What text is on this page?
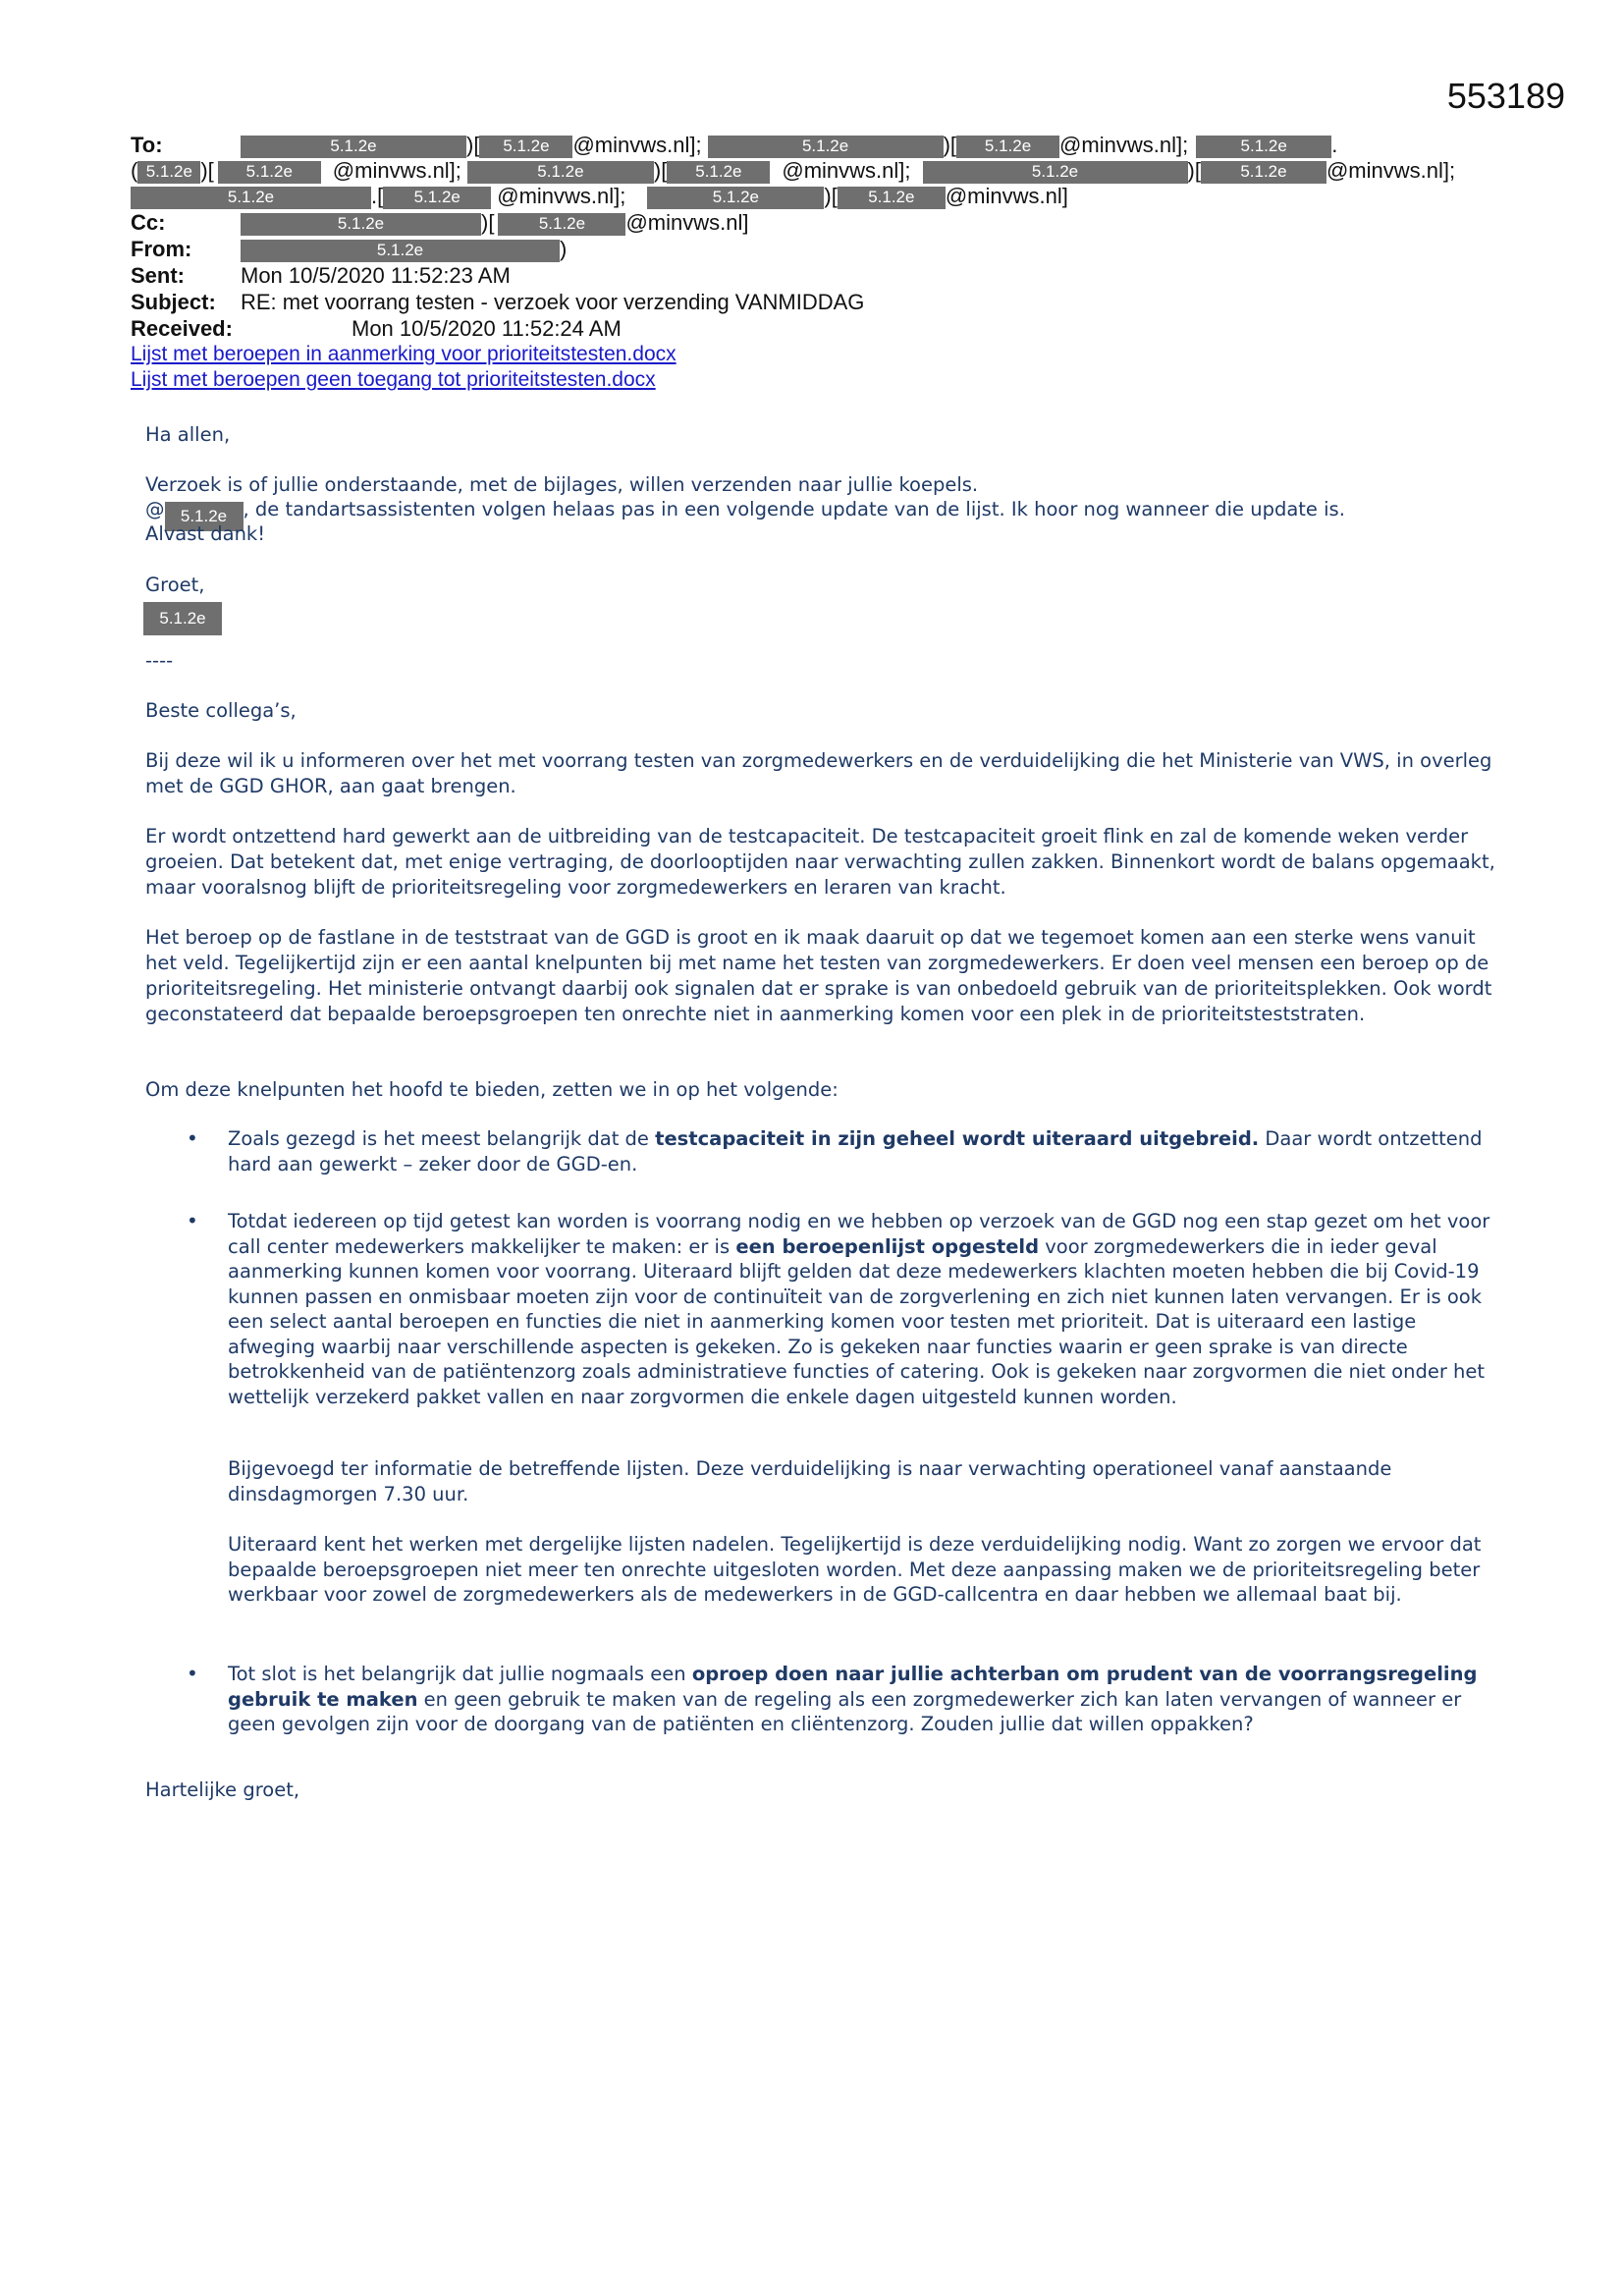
553189
To:	5.1.2e	)[ 5.1.2e @minvws.nl];	5.1.2e	)[ 5.1.2e @minvws.nl];	5.1.2e .
( 5.1.2e )[ 5.1.2e @minvws.nl];	5.1.2e	)[ 5.1.2e @minvws.nl];	5.1.2e	)[ 5.1.2e @minvws.nl];
5.1.2e	.[ 5.1.2e @minvws.nl];	5.1.2e	)[ 5.1.2e @minvws.nl]
Cc:	5.1.2e	)[	5.1.2e @minvws.nl]
From:	5.1.2e	)
Sent:	Mon 10/5/2020 11:52:23 AM
Subject: RE: met voorrang testen - verzoek voor verzending VANMIDDAG
Received:	Mon 10/5/2020 11:52:24 AM
Lijst met beroepen in aanmerking voor prioriteitstesten.docx
Lijst met beroepen geen toegang tot prioriteitstesten.docx
Ha allen,
Verzoek is of jullie onderstaande, met de bijlages, willen verzenden naar jullie koepels.
@ 5.1.2e , de tandartsassistenten volgen helaas pas in een volgende update van de lijst. Ik hoor nog wanneer die update is.
Alvast dank!
Groet,
5.1.2e
----
Beste collega’s,
Bij deze wil ik u informeren over het met voorrang testen van zorgmedewerkers en de verduidelijking die het Ministerie van VWS, in overleg met de GGD GHOR, aan gaat brengen.
Er wordt ontzettend hard gewerkt aan de uitbreiding van de testcapaciteit. De testcapaciteit groeit flink en zal de komende weken verder groeien. Dat betekent dat, met enige vertraging, de doorlooptijden naar verwachting zullen zakken. Binnenkort wordt de balans opgemaakt, maar vooralsnog blijft de prioriteitsregeling voor zorgmedewerkers en leraren van kracht.
Het beroep op de fastlane in de teststraat van de GGD is groot en ik maak daaruit op dat we tegemoet komen aan een sterke wens vanuit het veld. Tegelijkertijd zijn er een aantal knelpunten bij met name het testen van zorgmedewerkers. Er doen veel mensen een beroep op de prioriteitsregeling. Het ministerie ontvangt daarbij ook signalen dat er sprake is van onbedoeld gebruik van de prioriteitsplekken. Ook wordt geconstateerd dat bepaalde beroepsgroepen ten onrechte niet in aanmerking komen voor een plek in de prioriteitsteststraten.
Om deze knelpunten het hoofd te bieden, zetten we in op het volgende:
• Zoals gezegd is het meest belangrijk dat de testcapaciteit in zijn geheel wordt uiteraard uitgebreid. Daar wordt ontzettend hard aan gewerkt – zeker door de GGD-en.

• Totdat iedereen op tijd getest kan worden is voorrang nodig en we hebben op verzoek van de GGD nog een stap gezet om het voor call center medewerkers makkelijker te maken: er is een beroepenlijst opgesteld voor zorgmedewerkers die in ieder geval aanmerking kunnen komen voor voorrang. Uiteraard blijft gelden dat deze medewerkers klachten moeten hebben die bij Covid-19 kunnen passen en onmisbaar moeten zijn voor de continuïteit van de zorgverlening en zich niet kunnen laten vervangen. Er is ook een select aantal beroepen en functies die niet in aanmerking komen voor testen met prioriteit. Dat is uiteraard een lastige afweging waarbij naar verschillende aspecten is gekeken. Zo is gekeken naar functies waarin er geen sprake is van directe betrokkenheid van de patiëntenzorg zoals administratieve functies of catering. Ook is gekeken naar zorgvormen die niet onder het wettelijk verzekerd pakket vallen en naar zorgvormen die enkele dagen uitgesteld kunnen worden.

Bijgevoegd ter informatie de betreffende lijsten. Deze verduidelijking is naar verwachting operationeel vanaf aanstaande dinsdagmorgen 7.30 uur.
Uiteraard kent het werken met dergelijke lijsten nadelen. Tegelijkertijd is deze verduidelijking nodig. Want zo zorgen we ervoor dat bepaalde beroepsgroepen niet meer ten onrechte uitgesloten worden. Met deze aanpassing maken we de prioriteitsregeling beter werkbaar voor zowel de zorgmedewerkers als de medewerkers in de GGD-callcentra en daar hebben we allemaal baat bij.
• Tot slot is het belangrijk dat jullie nogmaals een oproep doen naar jullie achterban om prudent van de voorrangsregeling gebruik te maken en geen gebruik te maken van de regeling als een zorgmedewerker zich kan laten vervangen of wanneer er geen gevolgen zijn voor de doorgang van de patiënten en cliëntenzorg. Zouden jullie dat willen oppakken?

Hartelijke groet,
